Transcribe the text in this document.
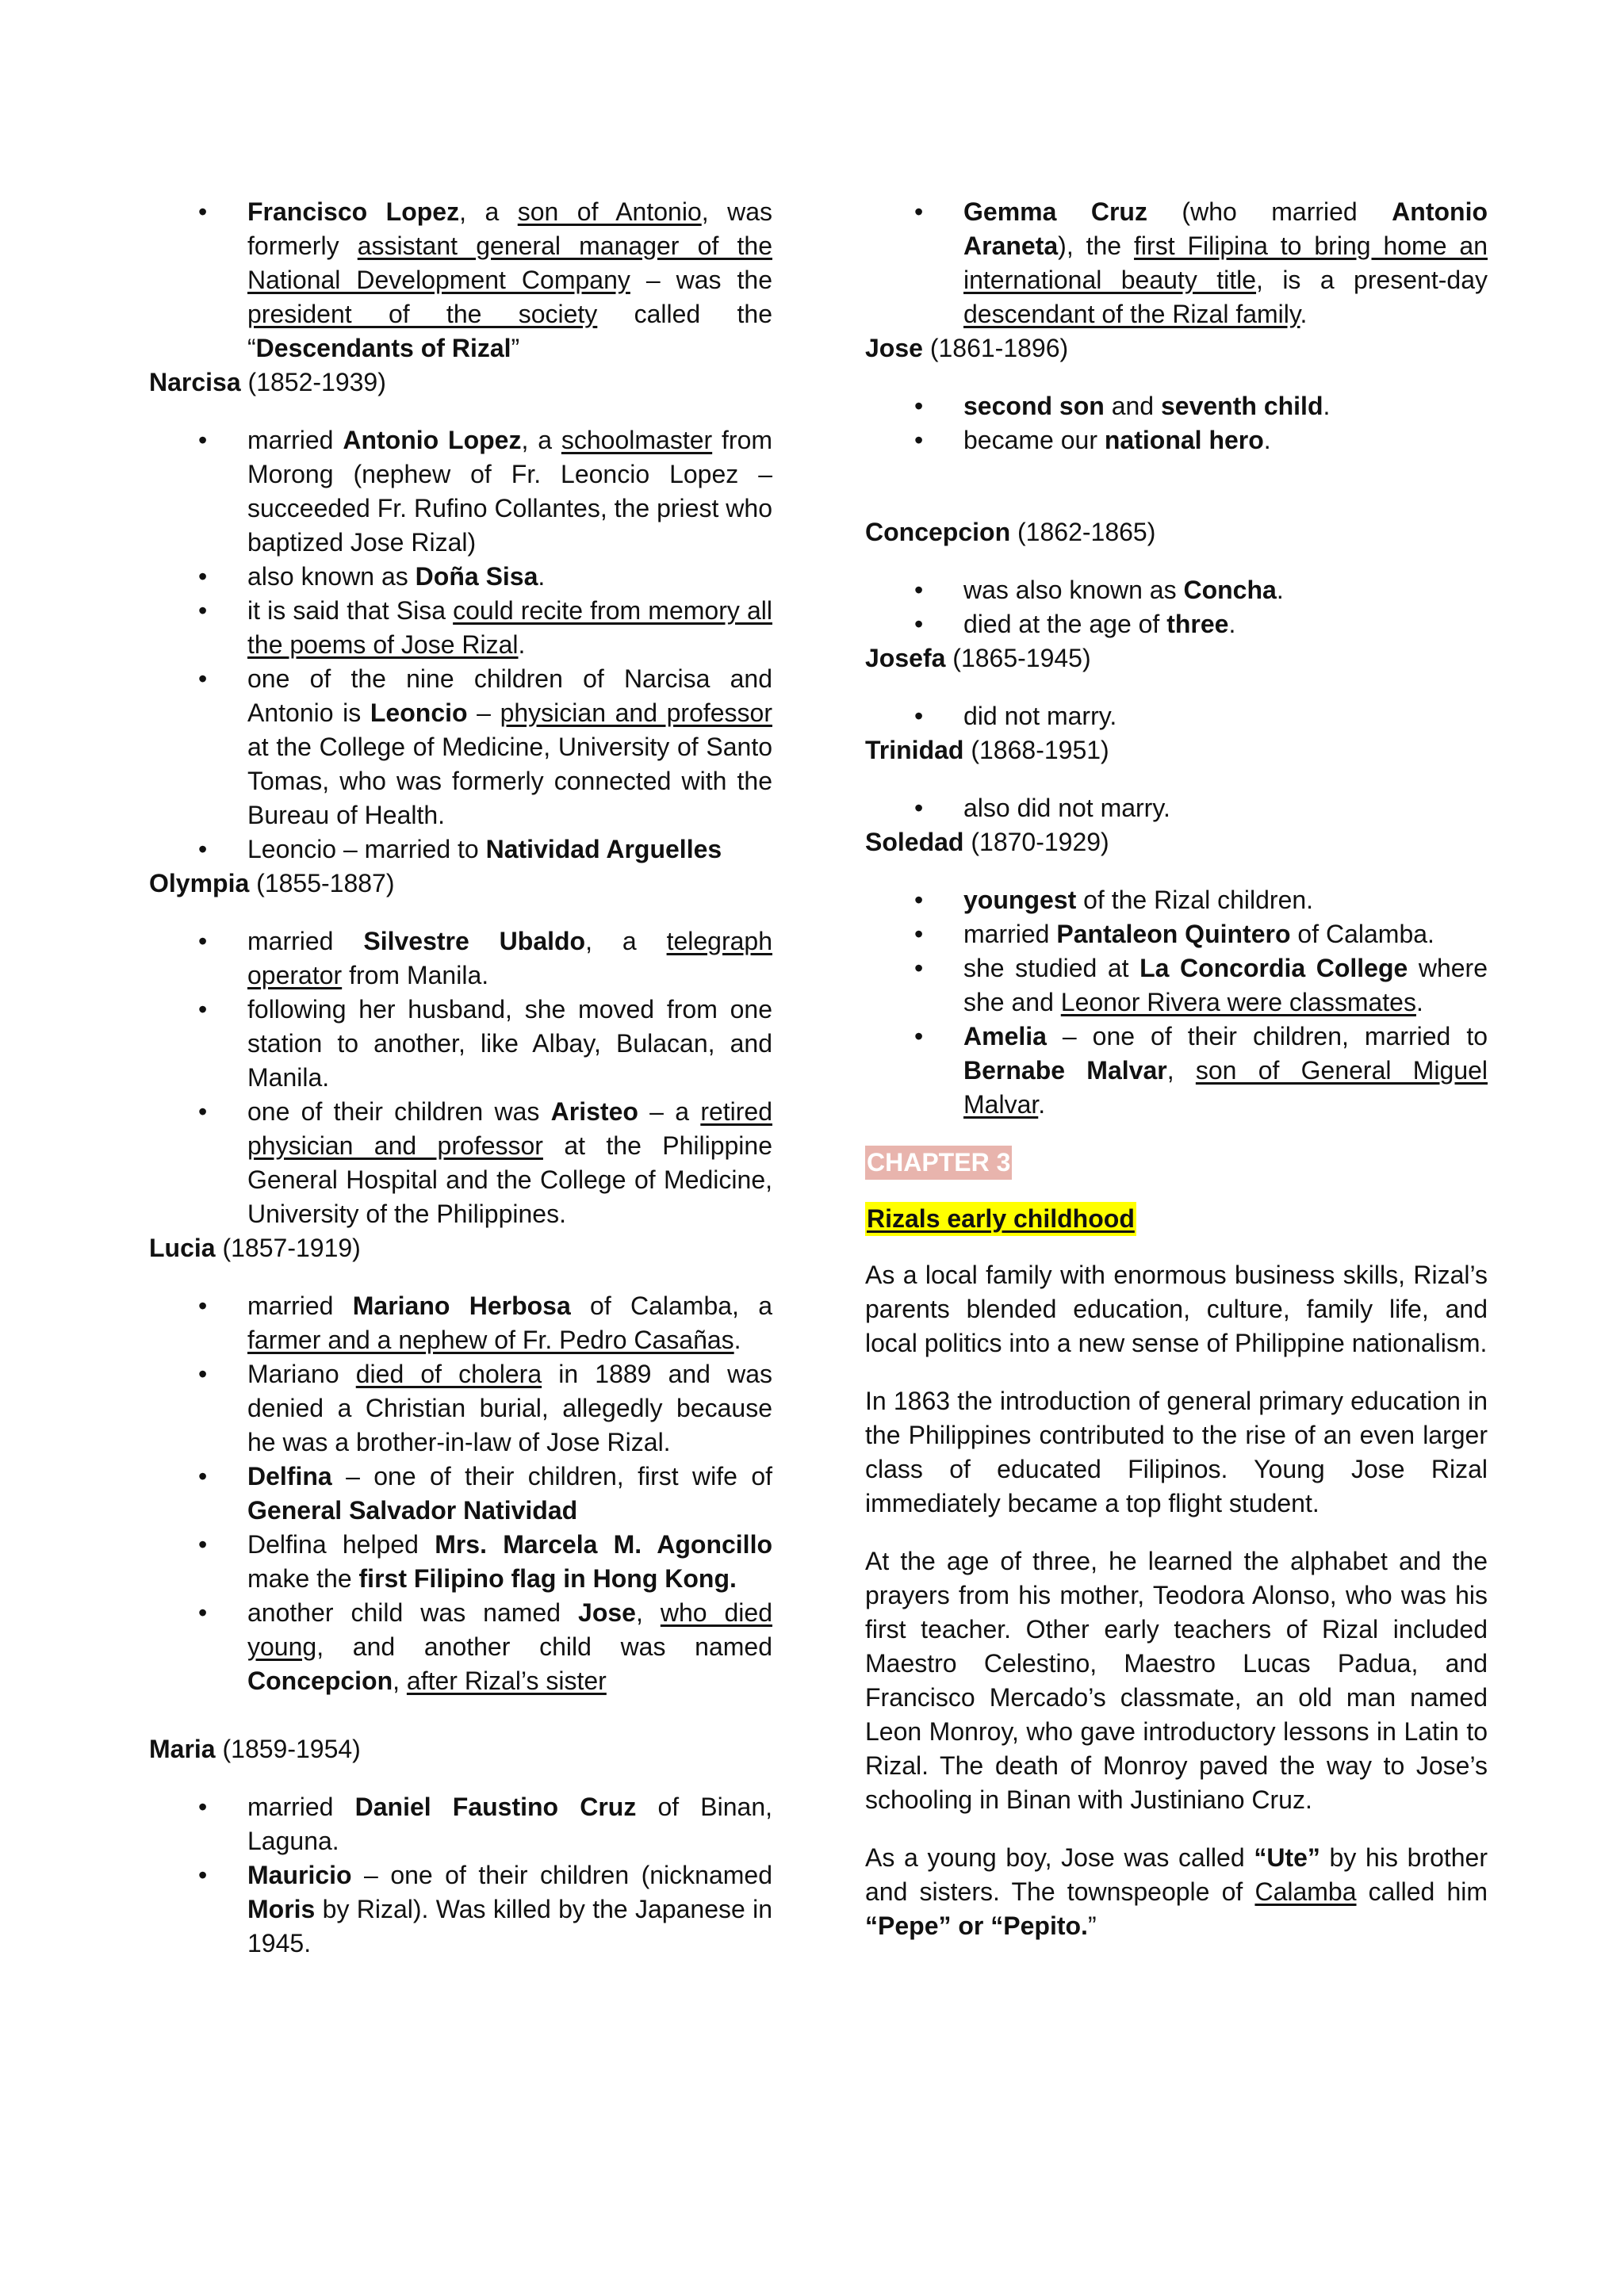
• Francisco Lopez, a son of Antonio, was formerly assistant general manager of the National Development Company – was the president of the society called the “Descendants of Rizal”

Narcisa (1852-1939)

• married Antonio Lopez, a schoolmaster from Morong (nephew of Fr. Leoncio Lopez – succeeded Fr. Rufino Collantes, the priest who baptized Jose Rizal)
• also known as Doña Sisa.
• it is said that Sisa could recite from memory all the poems of Jose Rizal.
• one of the nine children of Narcisa and Antonio is Leoncio – physician and professor at the College of Medicine, University of Santo Tomas, who was formerly connected with the Bureau of Health.
• Leoncio – married to Natividad Arguelles

Olympia (1855-1887)

• married Silvestre Ubaldo, a telegraph operator from Manila.
• following her husband, she moved from one station to another, like Albay, Bulacan, and Manila.
• one of their children was Aristeo – a retired physician and professor at the Philippine General Hospital and the College of Medicine, University of the Philippines.

Lucia (1857-1919)

• married Mariano Herbosa of Calamba, a farmer and a nephew of Fr. Pedro Casañas.
• Mariano died of cholera in 1889 and was denied a Christian burial, allegedly because he was a brother-in-law of Jose Rizal.
• Delfina – one of their children, first wife of General Salvador Natividad
• Delfina helped Mrs. Marcela M. Agoncillo make the first Filipino flag in Hong Kong.
• another child was named Jose, who died young, and another child was named Concepcion, after Rizal’s sister

Maria (1859-1954)

• married Daniel Faustino Cruz of Binan, Laguna.
• Mauricio – one of their children (nicknamed Moris by Rizal). Was killed by the Japanese in 1945.
• Gemma Cruz (who married Antonio Araneta), the first Filipina to bring home an international beauty title, is a present-day descendant of the Rizal family.

Jose (1861-1896)

• second son and seventh child.
• became our national hero.

Concepcion (1862-1865)

• was also known as Concha.
• died at the age of three.

Josefa (1865-1945)

• did not marry.

Trinidad (1868-1951)

• also did not marry.

Soledad (1870-1929)

• youngest of the Rizal children.
• married Pantaleon Quintero of Calamba.
• she studied at La Concordia College where she and Leonor Rivera were classmates.
• Amelia – one of their children, married to Bernabe Malvar, son of General Miguel Malvar.
CHAPTER 3
Rizals early childhood

As a local family with enormous business skills, Rizal’s parents blended education, culture, family life, and local politics into a new sense of Philippine nationalism.

In 1863 the introduction of general primary education in the Philippines contributed to the rise of an even larger class of educated Filipinos. Young Jose Rizal immediately became a top flight student.

At the age of three, he learned the alphabet and the prayers from his mother, Teodora Alonso, who was his first teacher. Other early teachers of Rizal included Maestro Celestino, Maestro Lucas Padua, and Francisco Mercado’s classmate, an old man named Leon Monroy, who gave introductory lessons in Latin to Rizal. The death of Monroy paved the way to Jose’s schooling in Binan with Justiniano Cruz.

As a young boy, Jose was called “Ute” by his brother and sisters. The townspeople of Calamba called him “Pepe” or “Pepito.”
